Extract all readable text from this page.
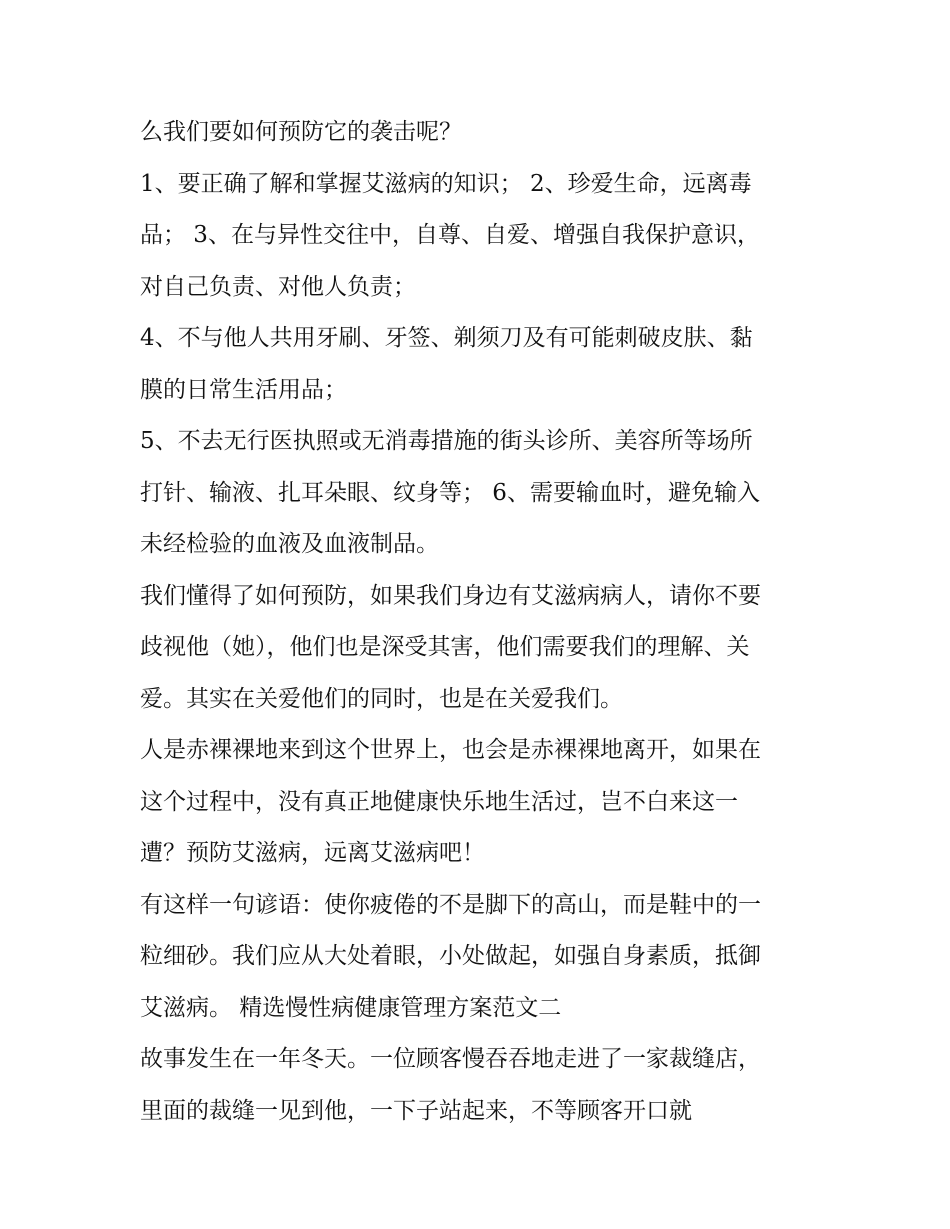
么我们要如何预防它的袭击呢？
1、要正确了解和掌握艾滋病的知识； 2、珍爱生命，远离毒
品； 3、在与异性交往中，自尊、自爱、增强自我保护意识，
对自己负责、对他人负责；
4、不与他人共用牙刷、牙签、剃须刀及有可能刺破皮肤、黏
膜的日常生活用品；
5、不去无行医执照或无消毒措施的街头诊所、美容所等场所
打针、输液、扎耳朵眼、纹身等； 6、需要输血时，避免输入
未经检验的血液及血液制品。
我们懂得了如何预防，如果我们身边有艾滋病病人，请你不要
歧视他（她），他们也是深受其害，他们需要我们的理解、关
爱。其实在关爱他们的同时，也是在关爱我们。
人是赤裸裸地来到这个世界上，也会是赤裸裸地离开，如果在
这个过程中，没有真正地健康快乐地生活过，岂不白来这一
遭？预防艾滋病，远离艾滋病吧！
有这样一句谚语：使你疲倦的不是脚下的高山，而是鞋中的一
粒细砂。我们应从大处着眼，小处做起，如强自身素质，抵御
艾滋病。 精选慢性病健康管理方案范文二
故事发生在一年冬天。一位顾客慢吞吞地走进了一家裁缝店，
里面的裁缝一见到他，一下子站起来，不等顾客开口就
